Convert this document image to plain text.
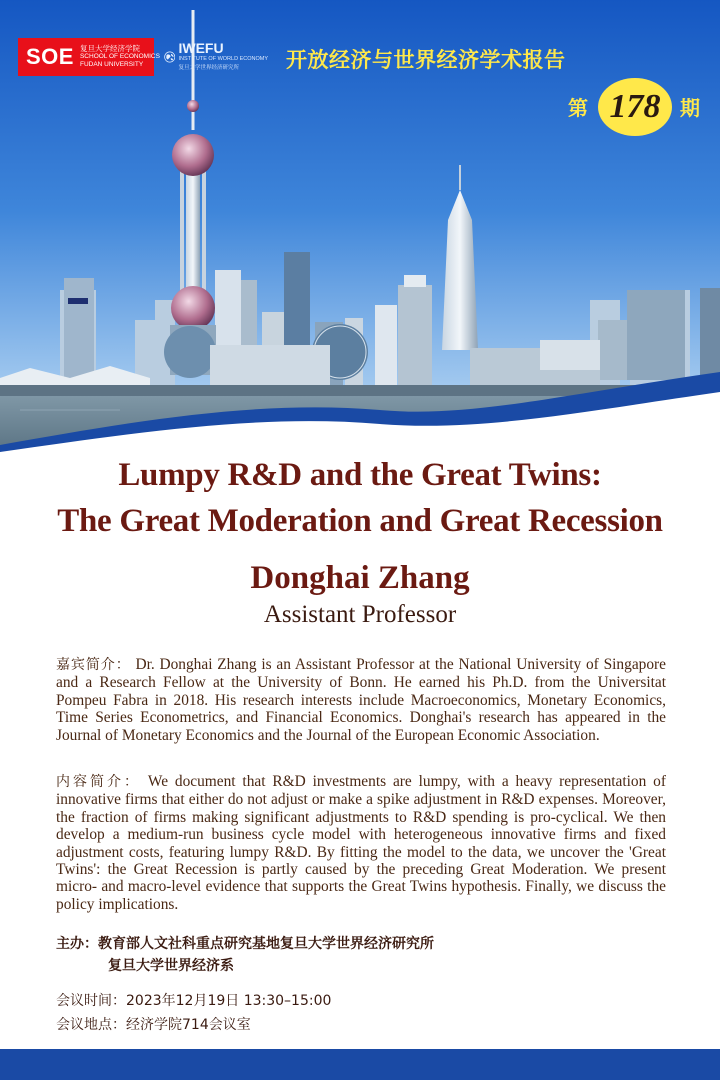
SOE 复旦大学经济学院
SCHOOL OF ECONOMICS
FUDAN UNIVERSITY
IWEFU
INSTITUTE OF WORLD ECONOMY
复旦大学世界经济研究所	开放经济与世界经济学术报告
第 178 期
Lumpy R&D and the Great Twins:
The Great Moderation and Great Recession
Donghai Zhang
Assistant Professor
嘉宾简介： Dr. Donghai Zhang is an Assistant Professor at the National University of Singapore and a Research Fellow at the University of Bonn. He earned his Ph.D. from the Universitat Pompeu Fabra in 2018. His research interests include Macroeconomics, Monetary Economics, Time Series Econometrics, and Financial Economics. Donghai's research has appeared in the Journal of Monetary Economics and the Journal of the European Economic Association.
内容简介： We document that R&D investments are lumpy, with a heavy representation of innovative firms that either do not adjust or make a spike adjustment in R&D expenses. Moreover, the fraction of firms making significant adjustments to R&D spending is pro-cyclical. We then develop a medium-run business cycle model with heterogeneous innovative firms and fixed adjustment costs, featuring lumpy R&D. By fitting the model to the data, we uncover the 'Great Twins': the Great Recession is partly caused by the preceding Great Moderation. We present micro- and macro-level evidence that supports the Great Twins hypothesis. Finally, we discuss the policy implications.
主办：教育部人文社科重点研究基地复旦大学世界经济研究所
复旦大学世界经济系
会议时间：2023年12月19日 13:30–15:00
会议地点：经济学院714会议室
